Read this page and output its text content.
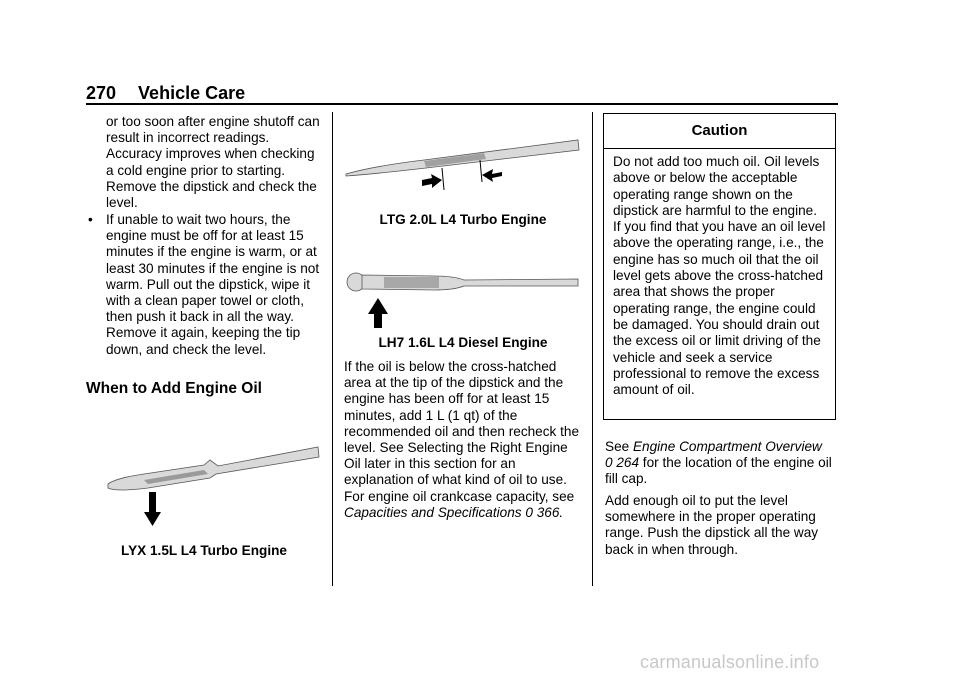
270 Vehicle Care

or too soon after engine shutoff can result in incorrect readings. Accuracy improves when checking a cold engine prior to starting. Remove the dipstick and check the level.

• If unable to wait two hours, the engine must be off for at least 15 minutes if the engine is warm, or at least 30 minutes if the engine is not warm. Pull out the dipstick, wipe it with a clean paper towel or cloth, then push it back in all the way. Remove it again, keeping the tip down, and check the level.

When to Add Engine Oil
LYX 1.5L L4 Turbo Engine
LTG 2.0L L4 Turbo Engine
LH7 1.6L L4 Diesel Engine

If the oil is below the cross-hatched area at the tip of the dipstick and the engine has been off for at least 15 minutes, add 1 L (1 qt) of the recommended oil and then recheck the level. See Selecting the Right Engine Oil later in this section for an explanation of what kind of oil to use. For engine oil crankcase capacity, see Capacities and Specifications 0 366.

Caution
Do not add too much oil. Oil levels above or below the acceptable operating range shown on the dipstick are harmful to the engine. If you find that you have an oil level above the operating range, i.e., the engine has so much oil that the oil level gets above the cross-hatched area that shows the proper operating range, the engine could be damaged. You should drain out the excess oil or limit driving of the vehicle and seek a service professional to remove the excess amount of oil.

See Engine Compartment Overview
0 264 for the location of the engine oil fill cap.

Add enough oil to put the level somewhere in the proper operating range. Push the dipstick all the way back in when through.

carmanualsonline.info
